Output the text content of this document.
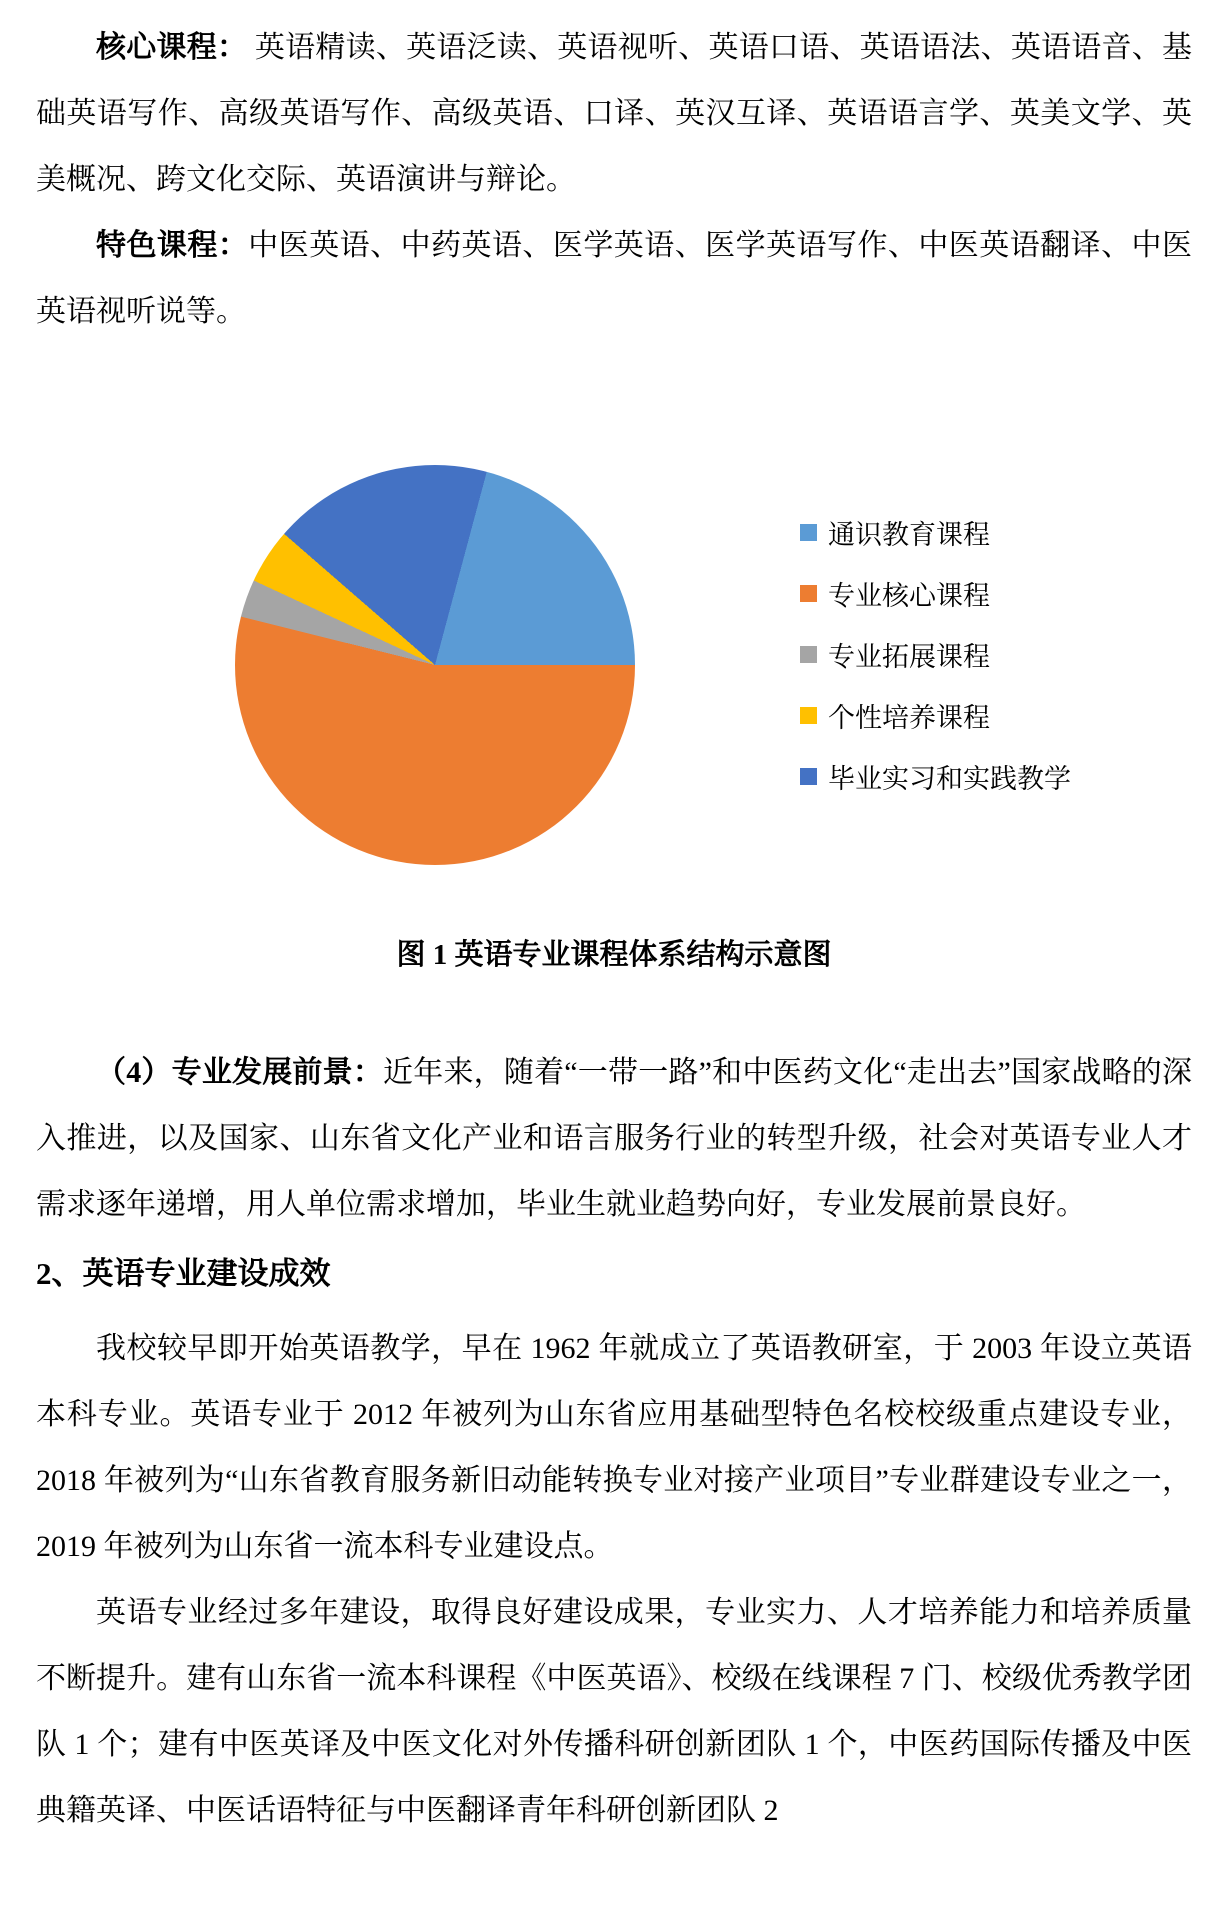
核心课程： 英语精读、英语泛读、英语视听、英语口语、英语语法、英语语音、基础英语写作、高级英语写作、高级英语、口译、英汉互译、英语语言学、英美文学、英美概况、跨文化交际、英语演讲与辩论。

特色课程：中医英语、中药英语、医学英语、医学英语写作、中医英语翻译、中医英语视听说等。

通识教育课程
专业核心课程
专业拓展课程
个性培养课程
毕业实习和实践教学

图 1 英语专业课程体系结构示意图

（4）专业发展前景：近年来，随着“一带一路”和中医药文化“走出去”国家战略的深入推进，以及国家、山东省文化产业和语言服务行业的转型升级，社会对英语专业人才需求逐年递增，用人单位需求增加，毕业生就业趋势向好，专业发展前景良好。

2、英语专业建设成效

我校较早即开始英语教学，早在 1962 年就成立了英语教研室，于 2003 年设立英语本科专业。英语专业于 2012 年被列为山东省应用基础型特色名校校级重点建设专业，2018 年被列为“山东省教育服务新旧动能转换专业对接产业项目”专业群建设专业之一，2019 年被列为山东省一流本科专业建设点。

英语专业经过多年建设，取得良好建设成果，专业实力、人才培养能力和培养质量不断提升。建有山东省一流本科课程《中医英语》、校级在线课程 7 门、校级优秀教学团队 1 个；建有中医英译及中医文化对外传播科研创新团队 1 个，中医药国际传播及中医典籍英译、中医话语特征与中医翻译青年科研创新团队 2
